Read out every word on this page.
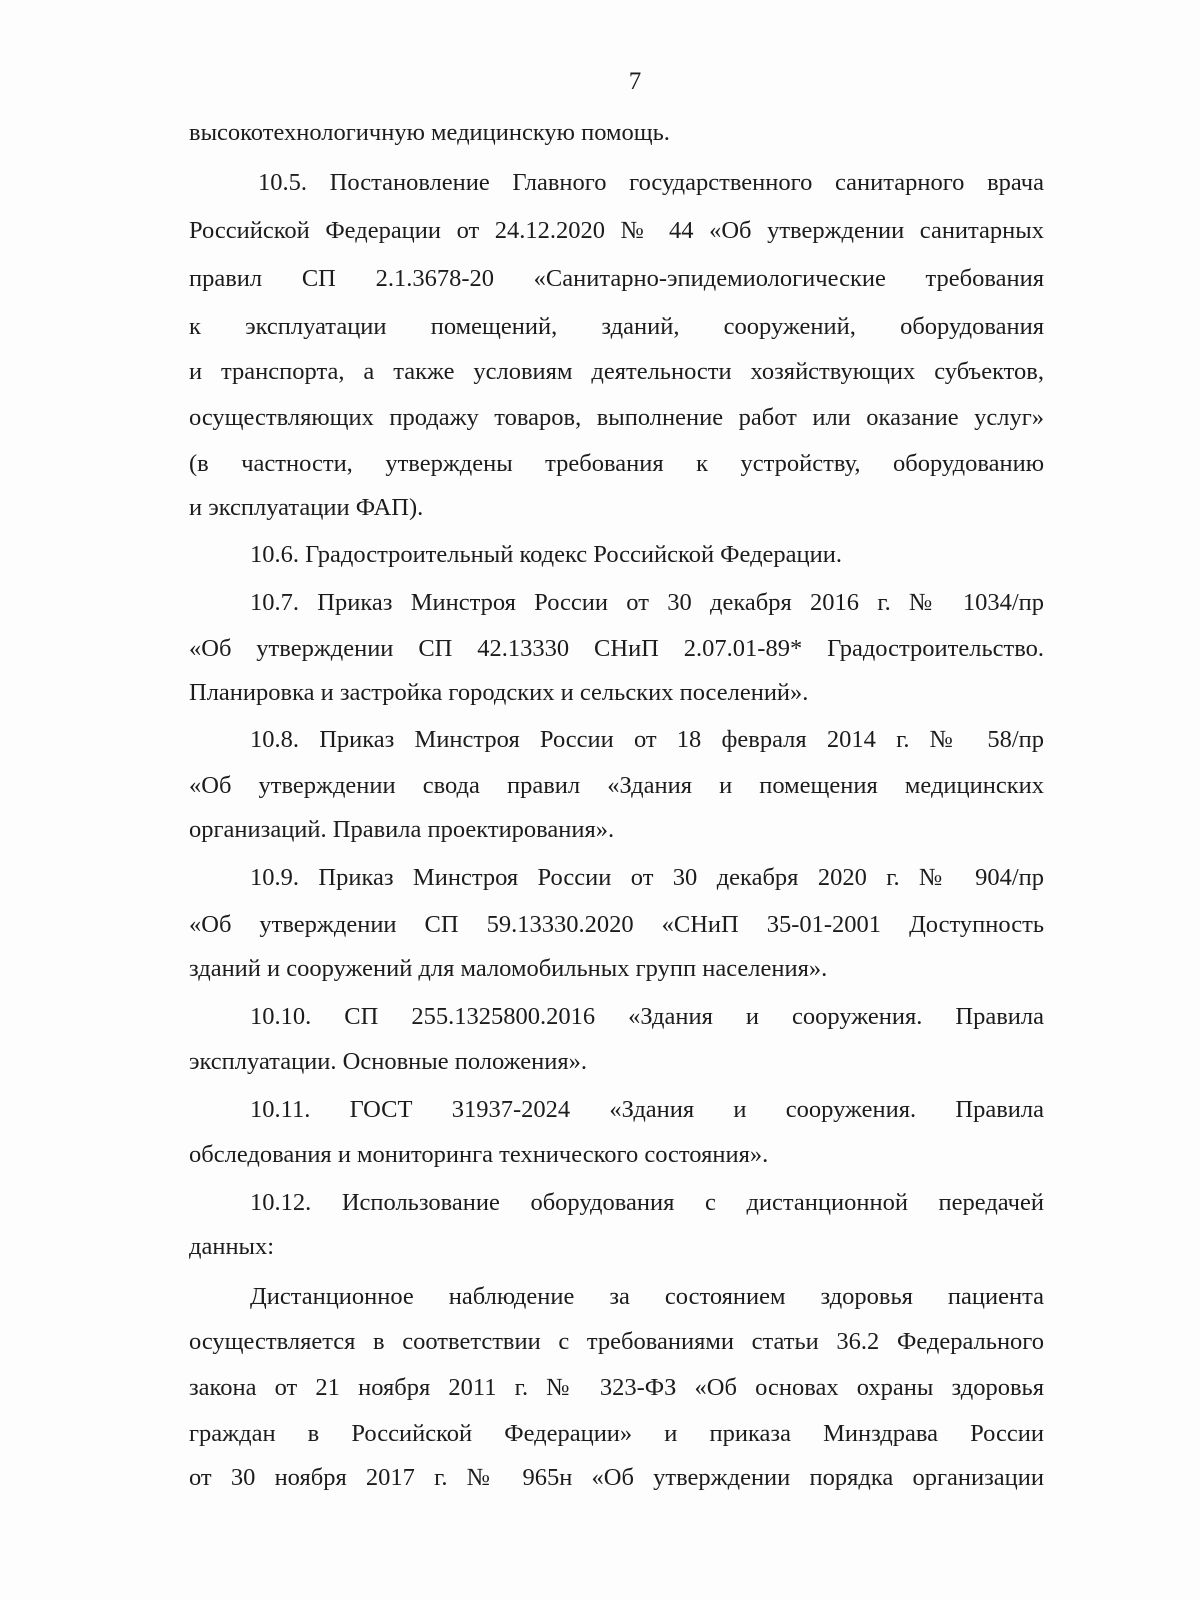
7
высокотехнологичную медицинскую помощь.
10.5. Постановление Главного государственного санитарного врача
Российской Федерации от 24.12.2020 № 44 «Об утверждении санитарных
правил СП 2.1.3678-20 «Санитарно-эпидемиологические требования
к эксплуатации помещений, зданий, сооружений, оборудования
и транспорта, а также условиям деятельности хозяйствующих субъектов,
осуществляющих продажу товаров, выполнение работ или оказание услуг»
(в частности, утверждены требования к устройству, оборудованию
и эксплуатации ФАП).
10.6. Градостроительный кодекс Российской Федерации.
10.7. Приказ Минстроя России от 30 декабря 2016 г. № 1034/пр
«Об утверждении СП 42.13330 СНиП 2.07.01-89* Градостроительство.
Планировка и застройка городских и сельских поселений».
10.8. Приказ Минстроя России от 18 февраля 2014 г. № 58/пр
«Об утверждении свода правил «Здания и помещения медицинских
организаций. Правила проектирования».
10.9. Приказ Минстроя России от 30 декабря 2020 г. № 904/пр
«Об утверждении СП 59.13330.2020 «СНиП 35-01-2001 Доступность
зданий и сооружений для маломобильных групп населения».
10.10. СП 255.1325800.2016 «Здания и сооружения. Правила
эксплуатации. Основные положения».
10.11. ГОСТ 31937-2024 «Здания и сооружения. Правила
обследования и мониторинга технического состояния».
10.12. Использование оборудования с дистанционной передачей
данных:
Дистанционное наблюдение за состоянием здоровья пациента
осуществляется в соответствии с требованиями статьи 36.2 Федерального
закона от 21 ноября 2011 г. № 323-ФЗ «Об основах охраны здоровья
граждан в Российской Федерации» и приказа Минздрава России
от 30 ноября 2017 г. № 965н «Об утверждении порядка организации
